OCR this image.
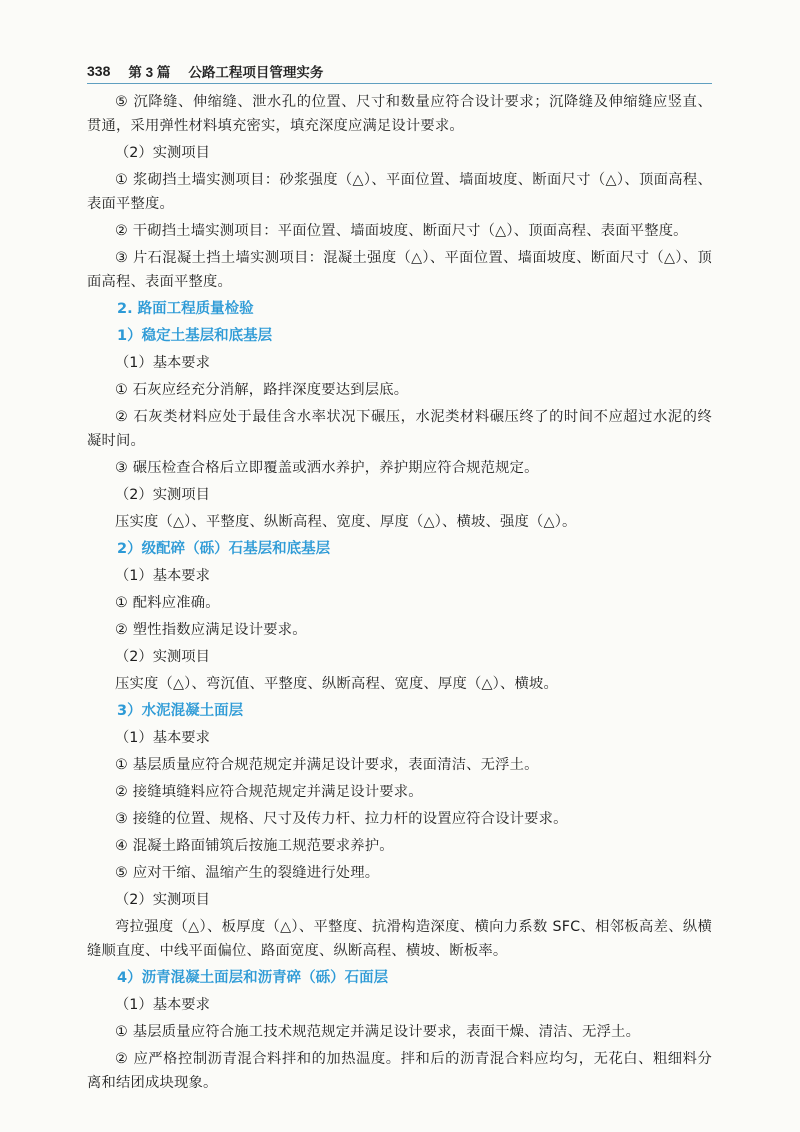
338 第 3 篇 公路工程项目管理实务

⑤ 沉降缝、伸缩缝、泄水孔的位置、尺寸和数量应符合设计要求；沉降缝及伸缩缝应竖直、贯通，采用弹性材料填充密实，填充深度应满足设计要求。

（2）实测项目

① 浆砌挡土墙实测项目：砂浆强度（△）、平面位置、墙面坡度、断面尺寸（△）、顶面高程、表面平整度。

② 干砌挡土墙实测项目：平面位置、墙面坡度、断面尺寸（△）、顶面高程、表面平整度。

③ 片石混凝土挡土墙实测项目：混凝土强度（△）、平面位置、墙面坡度、断面尺寸（△）、顶面高程、表面平整度。

2. 路面工程质量检验

1）稳定土基层和底基层

（1）基本要求

① 石灰应经充分消解，路拌深度要达到层底。

② 石灰类材料应处于最佳含水率状况下碾压，水泥类材料碾压终了的时间不应超过水泥的终凝时间。

③ 碾压检查合格后立即覆盖或洒水养护，养护期应符合规范规定。

（2）实测项目

压实度（△）、平整度、纵断高程、宽度、厚度（△）、横坡、强度（△）。

2）级配碎（砾）石基层和底基层

（1）基本要求

① 配料应准确。

② 塑性指数应满足设计要求。

（2）实测项目

压实度（△）、弯沉值、平整度、纵断高程、宽度、厚度（△）、横坡。

3）水泥混凝土面层

（1）基本要求

① 基层质量应符合规范规定并满足设计要求，表面清洁、无浮土。

② 接缝填缝料应符合规范规定并满足设计要求。

③ 接缝的位置、规格、尺寸及传力杆、拉力杆的设置应符合设计要求。

④ 混凝土路面铺筑后按施工规范要求养护。

⑤ 应对干缩、温缩产生的裂缝进行处理。

（2）实测项目

弯拉强度（△）、板厚度（△）、平整度、抗滑构造深度、横向力系数 SFC、相邻板高差、纵横缝顺直度、中线平面偏位、路面宽度、纵断高程、横坡、断板率。

4）沥青混凝土面层和沥青碎（砾）石面层

（1）基本要求

① 基层质量应符合施工技术规范规定并满足设计要求，表面干燥、清洁、无浮土。

② 应严格控制沥青混合料拌和的加热温度。拌和后的沥青混合料应均匀，无花白、粗细料分离和结团成块现象。
